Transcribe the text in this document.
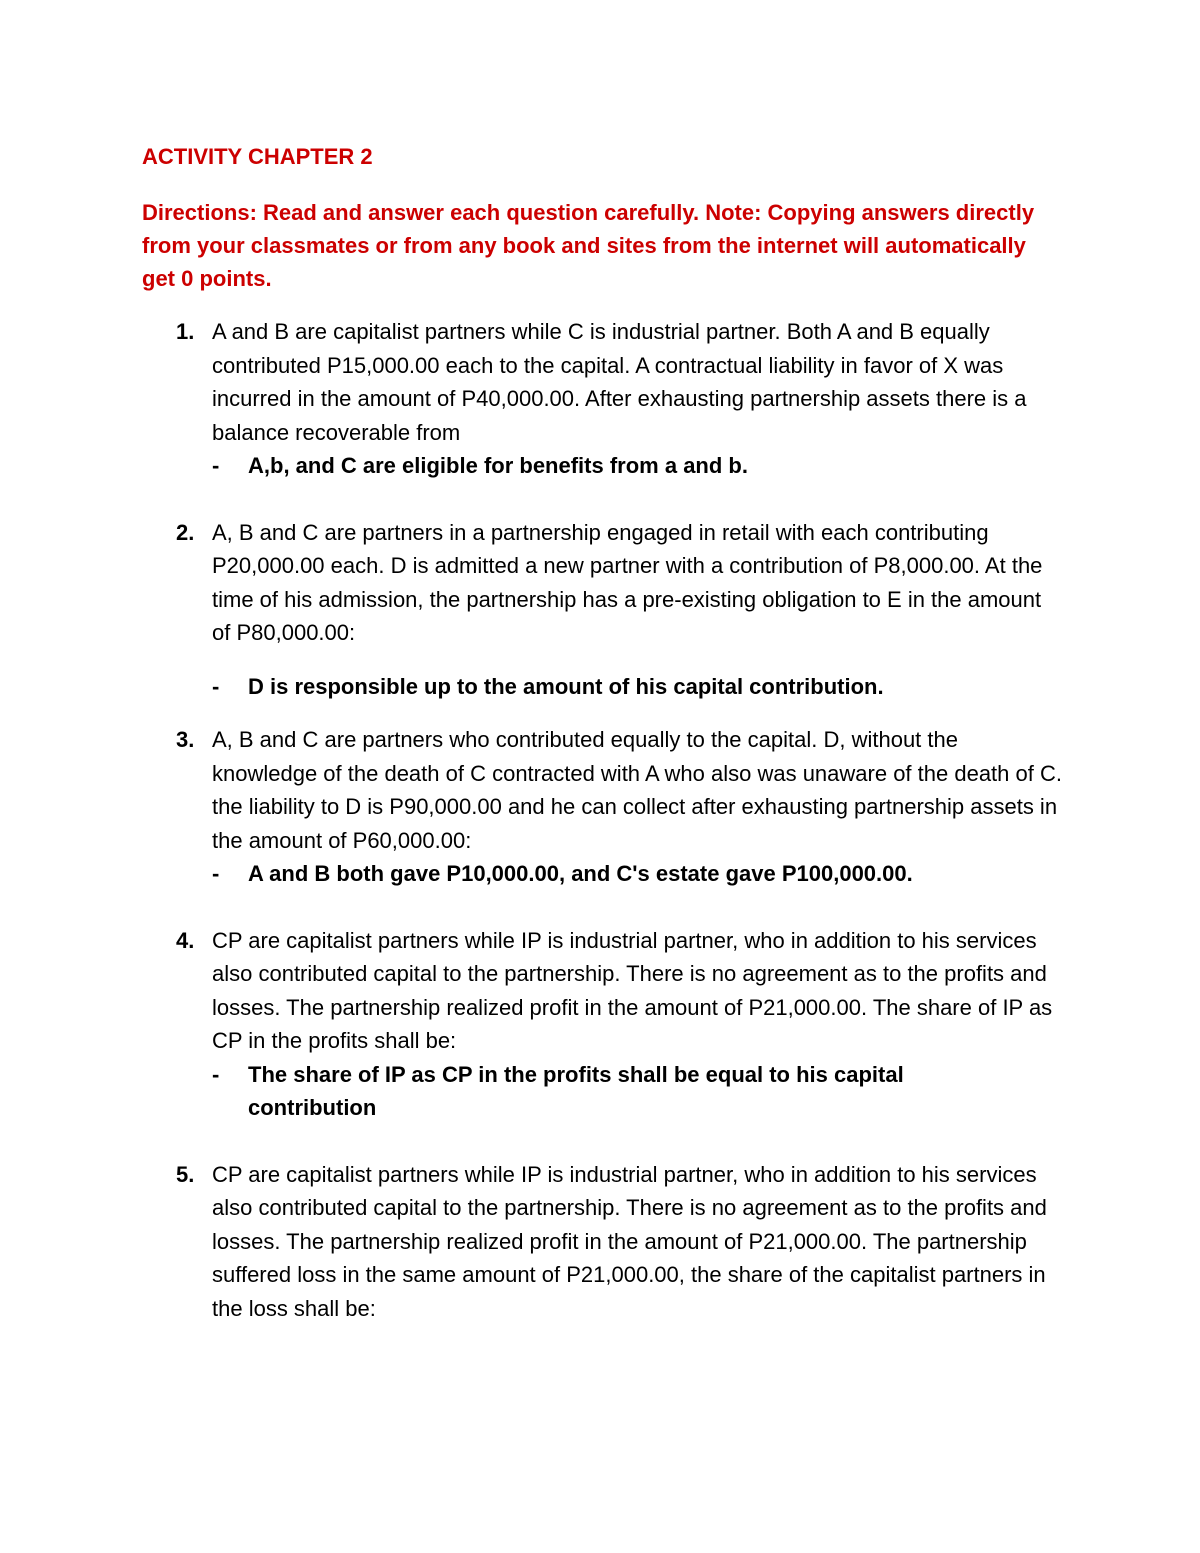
ACTIVITY CHAPTER 2

Directions: Read and answer each question carefully. Note: Copying answers directly from your classmates or from any book and sites from the internet will automatically get 0 points.

1. A and B are capitalist partners while C is industrial partner. Both A and B equally contributed P15,000.00 each to the capital. A contractual liability in favor of X was incurred in the amount of P40,000.00. After exhausting partnership assets there is a balance recoverable from
- A,b, and C are eligible for benefits from a and b.
2. A, B and C are partners in a partnership engaged in retail with each contributing P20,000.00 each. D is admitted a new partner with a contribution of P8,000.00. At the time of his admission, the partnership has a pre-existing obligation to E in the amount of P80,000.00:
- D is responsible up to the amount of his capital contribution.
3. A, B and C are partners who contributed equally to the capital. D, without the knowledge of the death of C contracted with A who also was unaware of the death of C. the liability to D is P90,000.00 and he can collect after exhausting partnership assets in the amount of P60,000.00:
- A and B both gave P10,000.00, and C's estate gave P100,000.00.
4. CP are capitalist partners while IP is industrial partner, who in addition to his services also contributed capital to the partnership. There is no agreement as to the profits and losses. The partnership realized profit in the amount of P21,000.00. The share of IP as CP in the profits shall be:
- The share of IP as CP in the profits shall be equal to his capital contribution
5. CP are capitalist partners while IP is industrial partner, who in addition to his services also contributed capital to the partnership. There is no agreement as to the profits and losses. The partnership realized profit in the amount of P21,000.00. The partnership suffered loss in the same amount of P21,000.00, the share of the capitalist partners in the loss shall be:
